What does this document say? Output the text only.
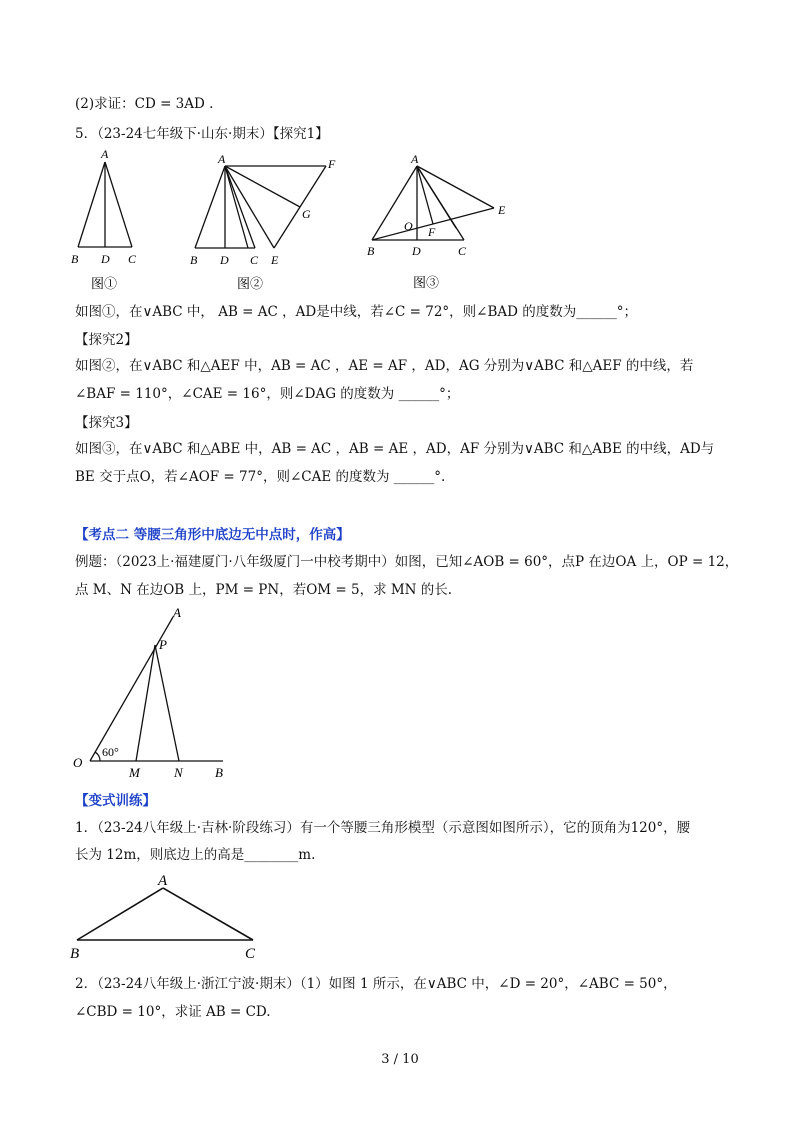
(2)求证：CD = 3AD .
5．（23-24七年级下·山东·期末）【探究1】
A
B D C
图①
A	F
G
B D C E
图②
A
E
O F
B	D	C
图③
如图①，在∨ABC 中， AB = AC ，AD是中线，若∠C = 72°，则∠BAD 的度数为______°；
【探究2】
如图②，在∨ABC 和△AEF 中，AB = AC ，AE = AF ，AD，AG 分别为∨ABC 和△AEF 的中线，若
∠BAF = 110°，∠CAE = 16°，则∠DAG 的度数为 ______°；
【探究3】
如图③，在∨ABC 和△ABE 中，AB = AC ，AB = AE ，AD，AF 分别为∨ABC 和△ABE 的中线，AD与
BE 交于点O，若∠AOF = 77°，则∠CAE 的度数为 ______°.
【考点二 等腰三角形中底边无中点时，作高】
例题：（2023上·福建厦门·八年级厦门一中校考期中）如图，已知∠AOB = 60°，点P 在边OA 上，OP = 12，
点 M、N 在边OB 上，PM = PN，若OM = 5，求 MN 的长.
A
P
O
60°
M	N B
【变式训练】
1．（23-24八年级上·吉林·阶段练习）有一个等腰三角形模型（示意图如图所示），它的顶角为120°，腰
长为 12m，则底边上的高是________m.
A
B	C
2．（23-24八年级上·浙江宁波·期末）（1）如图 1 所示，在∨ABC 中，∠D = 20°，∠ABC = 50°，
∠CBD = 10°，求证 AB = CD.
3 / 10
